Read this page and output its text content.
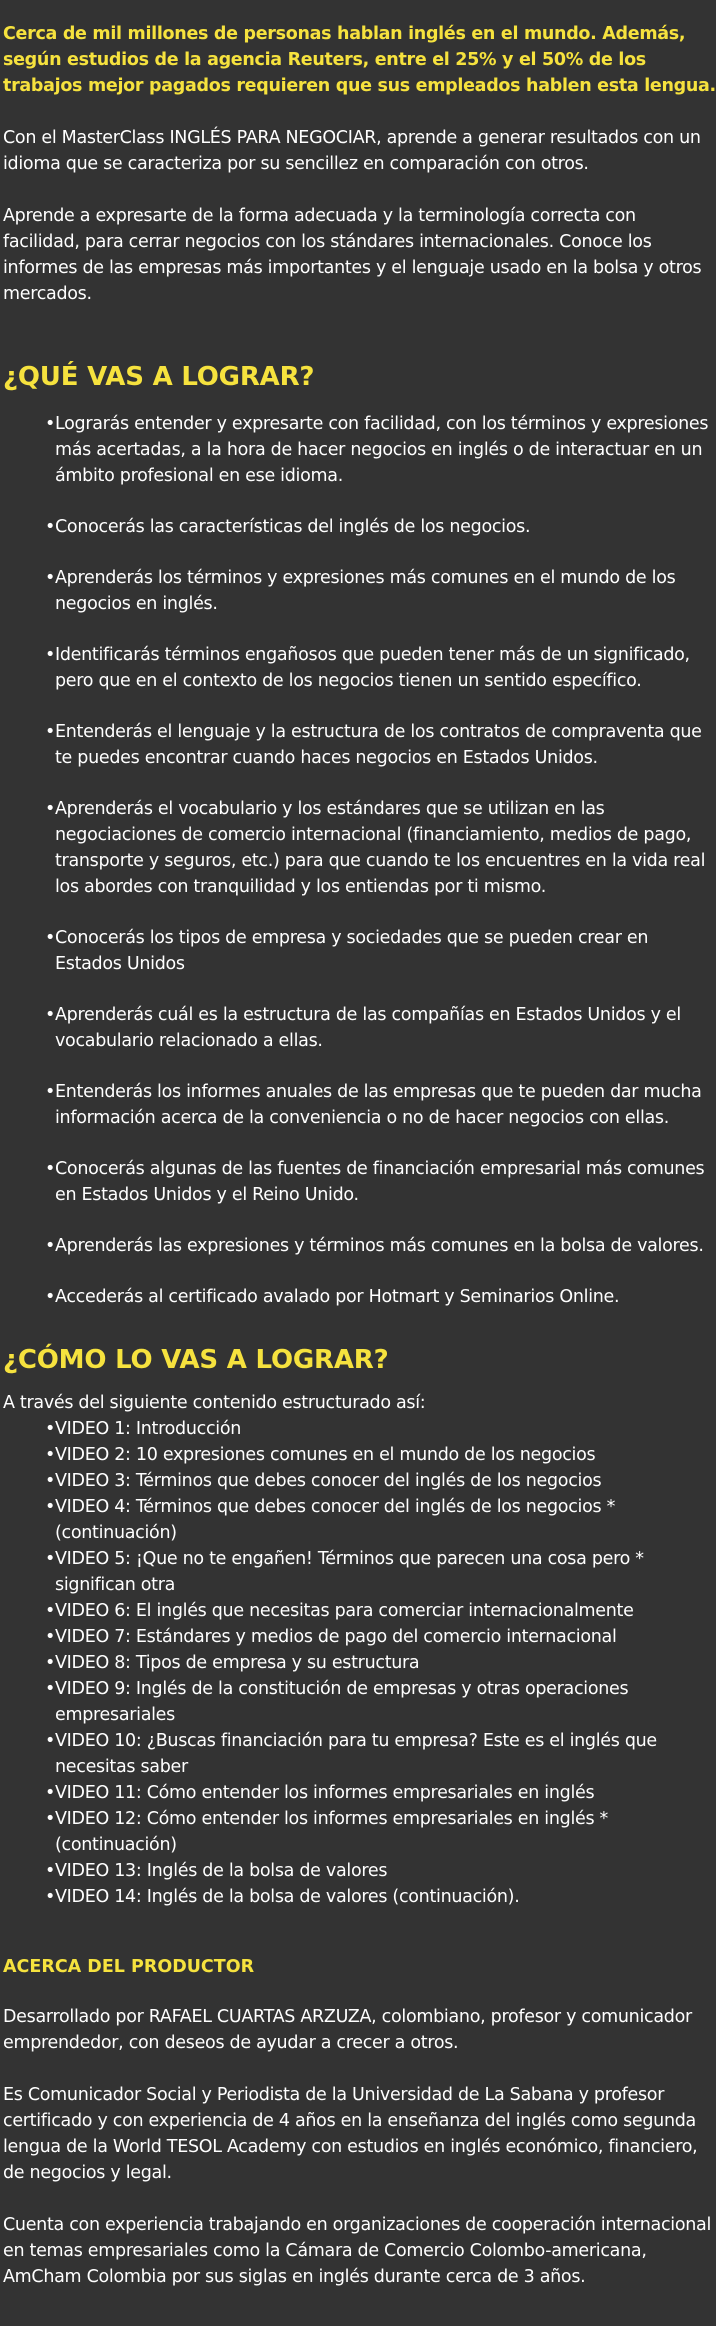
Cerca de mil millones de personas hablan inglés en el mundo. Además, según estudios de la agencia Reuters, entre el 25% y el 50% de los trabajos mejor pagados requieren que sus empleados hablen esta lengua.

Con el MasterClass INGLÉS PARA NEGOCIAR, aprende a generar resultados con un idioma que se caracteriza por su sencillez en comparación con otros.

Aprende a expresarte de la forma adecuada y la terminología correcta con facilidad, para cerrar negocios con los stándares internacionales. Conoce los informes de las empresas más importantes y el lenguaje usado en la bolsa y otros mercados.

¿QUÉ VAS A LOGRAR?
• Lograrás entender y expresarte con facilidad, con los términos y expresiones más acertadas, a la hora de hacer negocios en inglés o de interactuar en un ámbito profesional en ese idioma.
• Conocerás las características del inglés de los negocios.
• Aprenderás los términos y expresiones más comunes en el mundo de los negocios en inglés.
• Identificarás términos engañosos que pueden tener más de un significado, pero que en el contexto de los negocios tienen un sentido específico.
• Entenderás el lenguaje y la estructura de los contratos de compraventa que te puedes encontrar cuando haces negocios en Estados Unidos.
• Aprenderás el vocabulario y los estándares que se utilizan en las negociaciones de comercio internacional (financiamiento, medios de pago, transporte y seguros, etc.) para que cuando te los encuentres en la vida real los abordes con tranquilidad y los entiendas por ti mismo.
• Conocerás los tipos de empresa y sociedades que se pueden crear en Estados Unidos
• Aprenderás cuál es la estructura de las compañías en Estados Unidos y el vocabulario relacionado a ellas.
• Entenderás los informes anuales de las empresas que te pueden dar mucha información acerca de la conveniencia o no de hacer negocios con ellas.
• Conocerás algunas de las fuentes de financiación empresarial más comunes en Estados Unidos y el Reino Unido.
• Aprenderás las expresiones y términos más comunes en la bolsa de valores.
• Accederás al certificado avalado por Hotmart y Seminarios Online.
¿CÓMO LO VAS A LOGRAR?

A través del siguiente contenido estructurado así:

• VIDEO 1: Introducción
• VIDEO 2: 10 expresiones comunes en el mundo de los negocios
• VIDEO 3: Términos que debes conocer del inglés de los negocios
• VIDEO 4: Términos que debes conocer del inglés de los negocios * (continuación)
• VIDEO 5: ¡Que no te engañen! Términos que parecen una cosa pero * significan otra
• VIDEO 6: El inglés que necesitas para comerciar internacionalmente
• VIDEO 7: Estándares y medios de pago del comercio internacional
• VIDEO 8: Tipos de empresa y su estructura
• VIDEO 9: Inglés de la constitución de empresas y otras operaciones empresariales
• VIDEO 10: ¿Buscas financiación para tu empresa? Este es el inglés que necesitas saber
• VIDEO 11: Cómo entender los informes empresariales en inglés
• VIDEO 12: Cómo entender los informes empresariales en inglés * (continuación)
• VIDEO 13: Inglés de la bolsa de valores
• VIDEO 14: Inglés de la bolsa de valores (continuación).
ACERCA DEL PRODUCTOR

Desarrollado por RAFAEL CUARTAS ARZUZA, colombiano, profesor y comunicador emprendedor, con deseos de ayudar a crecer a otros.

Es Comunicador Social y Periodista de la Universidad de La Sabana y profesor certificado y con experiencia de 4 años en la enseñanza del inglés como segunda lengua de la World TESOL Academy con estudios en inglés económico, financiero, de negocios y legal.

Cuenta con experiencia trabajando en organizaciones de cooperación internacional en temas empresariales como la Cámara de Comercio Colombo-americana, AmCham Colombia por sus siglas en inglés durante cerca de 3 años.
